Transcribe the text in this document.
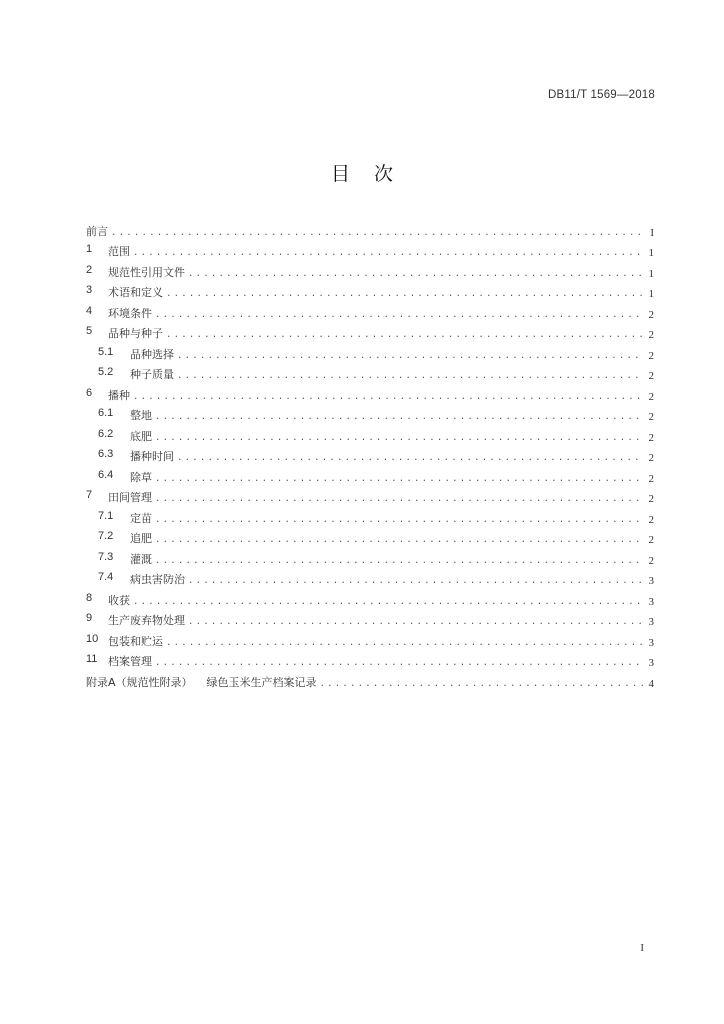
DB11/T 1569—2018
目次
前言 .....	I
1	范围 .....	1
2	规范性引用文件 .....	1
3	术语和定义 .....	1
4	环境条件 .....	2
5	品种与种子 .....	2
5.1	品种选择 .....	2
5.2	种子质量 .....	2
6	播种 .....	2
6.1	整地 .....	2
6.2	底肥 .....	2
6.3	播种时间 .....	2
6.4	除草 .....	2
7	田间管理 .....	2
7.1	定苗 .....	2
7.2	追肥 .....	2
7.3	灌溉 .....	2
7.4	病虫害防治 .....	3
8	收获 .....	3
9	生产废弃物处理 .....	3
10 包装和贮运 .....	3
11 档案管理 .....	3
附录A（规范性附录） 绿色玉米生产档案记录 .....	4
I
